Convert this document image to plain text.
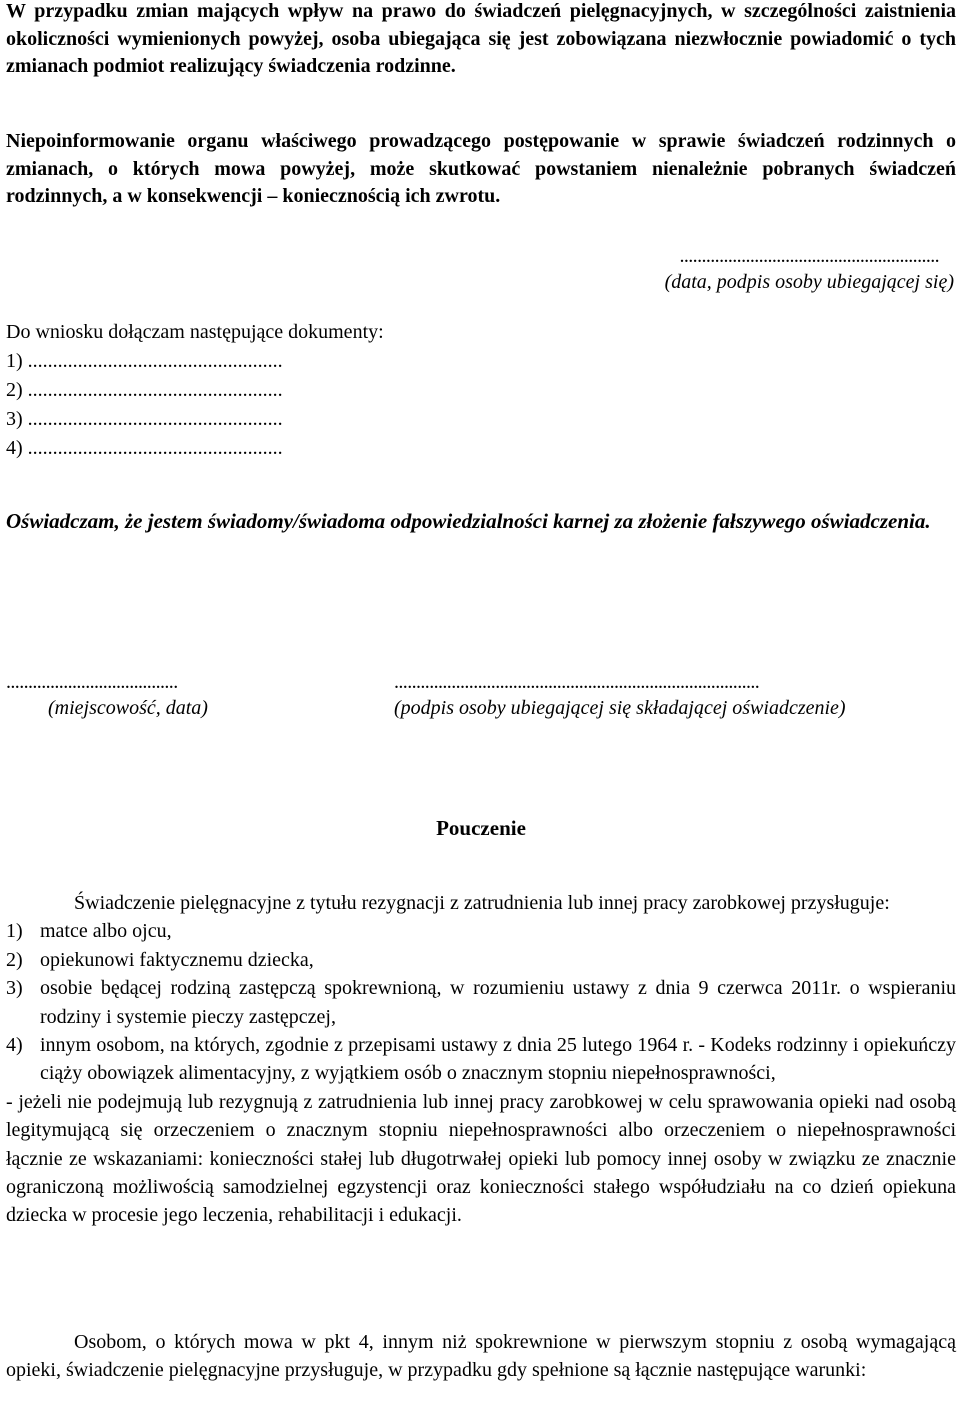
W przypadku zmian mających wpływ na prawo do świadczeń pielęgnacyjnych, w szczególności zaistnienia okoliczności wymienionych powyżej, osoba ubiegająca się jest zobowiązana niezwłocznie powiadomić o tych zmianach podmiot realizujący świadczenia rodzinne.
Niepoinformowanie organu właściwego prowadzącego postępowanie w sprawie świadczeń rodzinnych o zmianach, o których mowa powyżej, może skutkować powstaniem nienależnie pobranych świadczeń rodzinnych, a w konsekwencji – koniecznością ich zwrotu.
...........................................................
(data, podpis osoby ubiegającej się)
Do wniosku dołączam następujące dokumenty:
1) ...................................................
2) ...................................................
3) ...................................................
4) ...................................................
Oświadczam, że jestem świadomy/świadoma odpowiedzialności karnej za złożenie fałszywego oświadczenia.
.......................................
(miejscowość, data)
...................................................................................
(podpis osoby ubiegającej się składającej oświadczenie)
Pouczenie
Świadczenie pielęgnacyjne z tytułu rezygnacji z zatrudnienia lub innej pracy zarobkowej przysługuje:
1) matce albo ojcu,
2) opiekunowi faktycznemu dziecka,
3) osobie będącej rodziną zastępczą spokrewnioną, w rozumieniu ustawy z dnia 9 czerwca 2011r. o wspieraniu rodziny i systemie pieczy zastępczej,
4) innym osobom, na których, zgodnie z przepisami ustawy z dnia 25 lutego 1964 r. - Kodeks rodzinny i opiekuńczy ciąży obowiązek alimentacyjny, z wyjątkiem osób o znacznym stopniu niepełnosprawności,
- jeżeli nie podejmują lub rezygnują z zatrudnienia lub innej pracy zarobkowej w celu sprawowania opieki nad osobą legitymującą się orzeczeniem o znacznym stopniu niepełnosprawności albo orzeczeniem o niepełnosprawności łącznie ze wskazaniami: konieczności stałej lub długotrwałej opieki lub pomocy innej osoby w związku ze znacznie ograniczoną możliwością samodzielnej egzystencji oraz konieczności stałego współudziału na co dzień opiekuna dziecka w procesie jego leczenia, rehabilitacji i edukacji.
Osobom, o których mowa w pkt 4, innym niż spokrewnione w pierwszym stopniu z osobą wymagającą opieki, świadczenie pielęgnacyjne przysługuje, w przypadku gdy spełnione są łącznie następujące warunki:
